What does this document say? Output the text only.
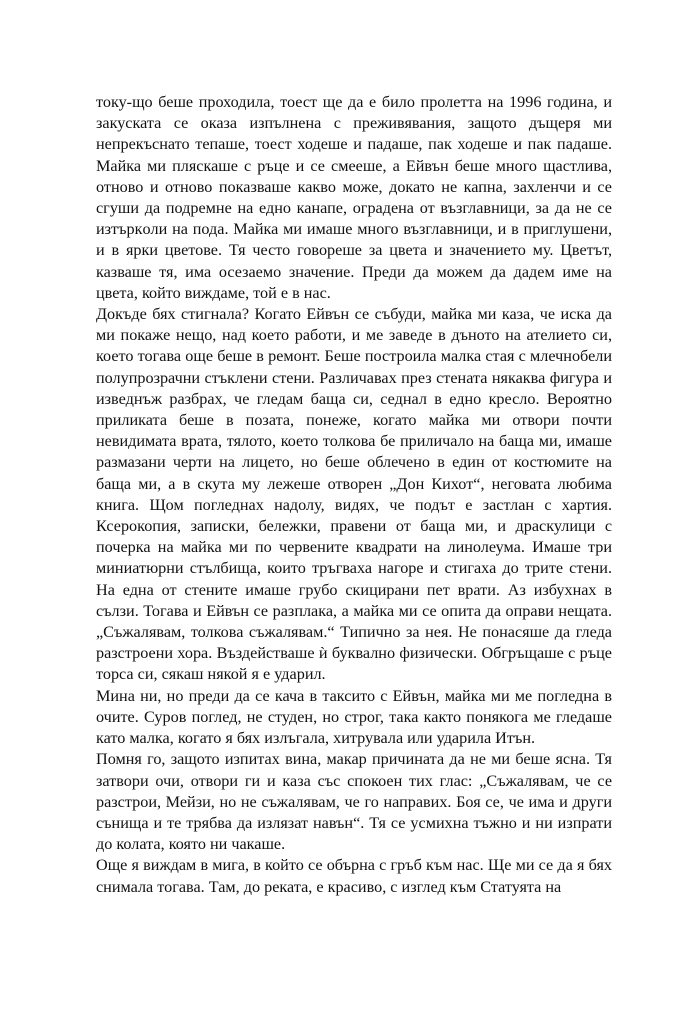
току-що беше проходила, тоест ще да е било пролетта на 1996 година, и закуската се оказа изпълнена с преживявания, защото дъщеря ми непрекъснато тепаше, тоест ходеше и падаше, пак ходеше и пак падаше. Майка ми пляскаше с ръце и се смееше, а Ейвън беше много щастлива, отново и отново показваше какво може, докато не капна, захленчи и се сгуши да подремне на едно канапе, оградена от възглавници, за да не се изтъркoли на пода. Майка ми имаше много възглавници, и в приглушени, и в ярки цветове. Тя често говореше за цвета и значението му. Цветът, казваше тя, има осезаемо значение. Преди да можем да дадем име на цвета, който виждаме, той е в нас.

Докъде бях стигнала? Когато Ейвън се събуди, майка ми каза, че иска да ми покаже нещо, над което работи, и ме заведе в дъното на ателието си, което тогава още беше в ремонт. Беше построила малка стая с млечнобели полупрозрачни стъклени стени. Различавах през стената някаква фигура и изведнъж разбрах, че гледам баща си, седнал в едно кресло. Вероятно приликата беше в позата, понеже, когато майка ми отвори почти невидимата врата, тялото, което толкова бе приличало на баща ми, имаше размазани черти на лицето, но беше облечено в един от костюмите на баща ми, а в скута му лежеше отворен „Дон Кихот“, неговата любима книга. Щом погледнах надолу, видях, че подът е застлан с хартия. Ксерокопия, записки, бележки, правени от баща ми, и драскулици с почерка на майка ми по червените квадрати на линолеума. Имаше три миниатюрни стълбища, които тръгваха нагоре и стигаха до трите стени. На една от стените имаше грубо скицирани пет врати. Аз избухнах в сълзи. Тогава и Ейвън се разплака, а майка ми се опита да оправи нещата. „Съжалявам, толкова съжалявам.“ Типично за нея. Не понасяше да гледа разстроени хора. Въздействаше ѝ буквално физически. Обгръщаше с ръце торса си, сякаш някой я е ударил.

Мина ни, но преди да се кача в таксито с Ейвън, майка ми ме погледна в очите. Суров поглед, не студен, но строг, така както понякога ме гледаше като малка, когато я бях излъгала, хитрувала или ударила Итън.

Помня го, защото изпитах вина, макар причината да не ми беше ясна. Тя затвори очи, отвори ги и каза със спокоен тих глас: „Съжалявам, че се разстрои, Мейзи, но не съжалявам, че го направих. Боя се, че има и други сънища и те трябва да излязат навън“. Тя се усмихна тъжно и ни изпрати до колата, която ни чакаше.

Още я виждам в мига, в който се обърна с гръб към нас. Ще ми се да я бях снимала тогава. Там, до реката, е красиво, с изглед към Статуята на
